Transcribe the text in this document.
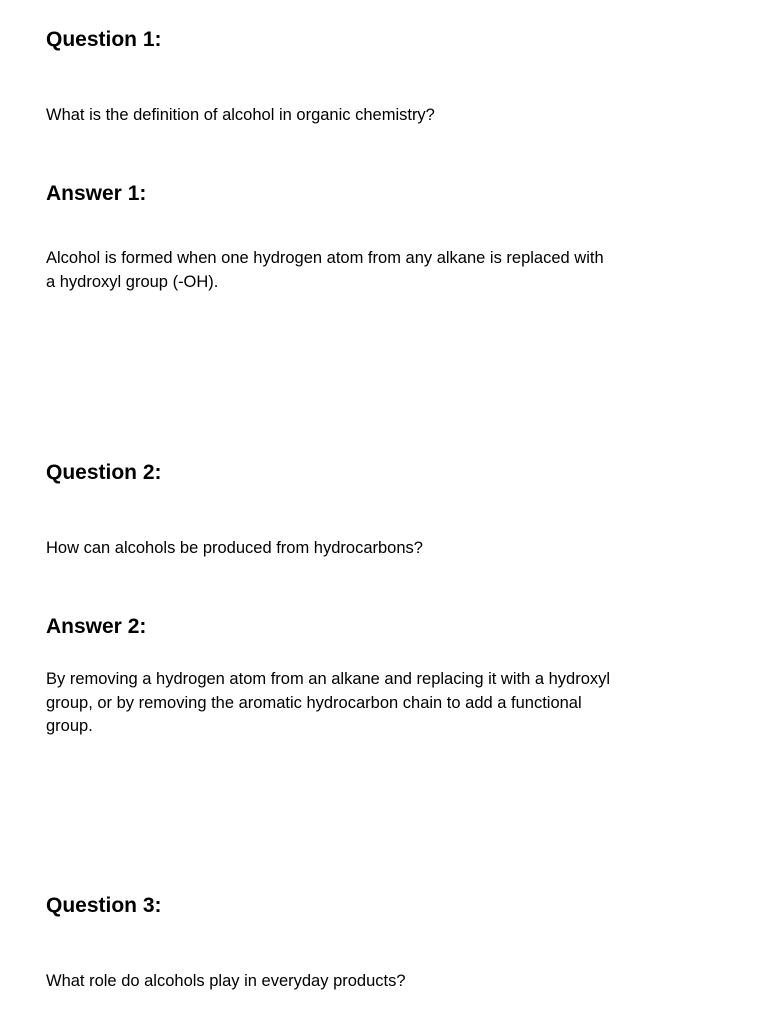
Question 1:

What is the definition of alcohol in organic chemistry?

Answer 1:

Alcohol is formed when one hydrogen atom from any alkane is replaced with a hydroxyl group (-OH).

Question 2:

How can alcohols be produced from hydrocarbons?

Answer 2:

By removing a hydrogen atom from an alkane and replacing it with a hydroxyl group, or by removing the aromatic hydrocarbon chain to add a functional group.

Question 3:

What role do alcohols play in everyday products?
